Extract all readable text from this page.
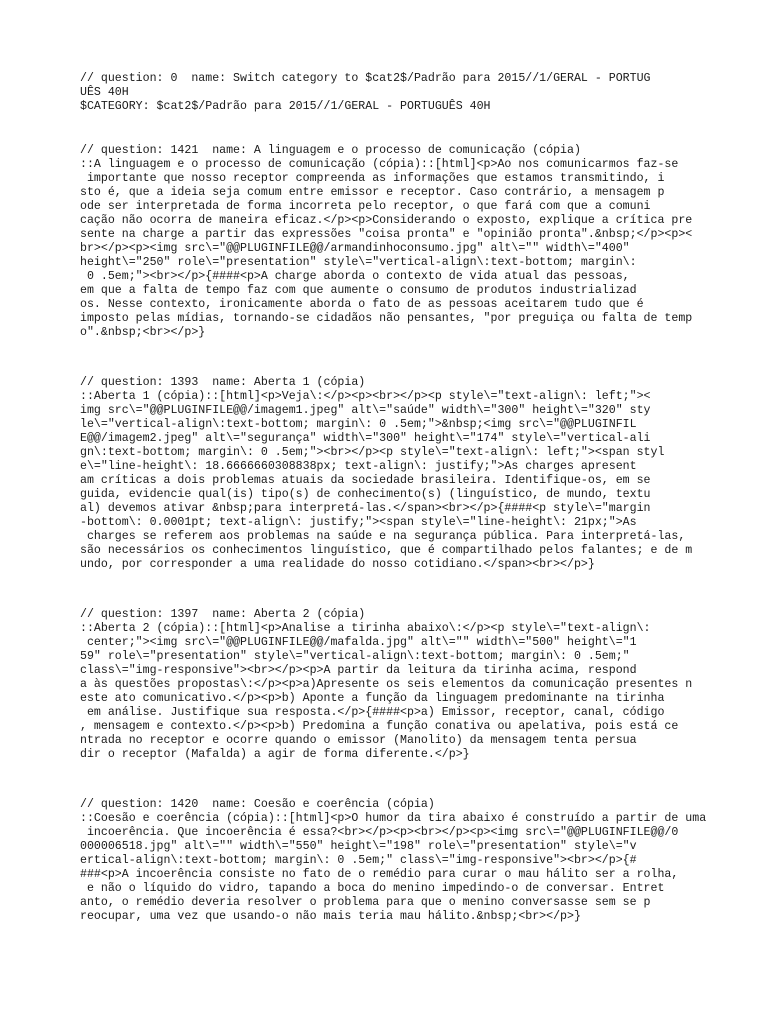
// question: 0  name: Switch category to $cat2$/Padrão para 2015//1/GERAL - PORTUG
UÊS 40H
$CATEGORY: $cat2$/Padrão para 2015//1/GERAL - PORTUGUÊS 40H
// question: 1421  name: A linguagem e o processo de comunicação (cópia)
::A linguagem e o processo de comunicação (cópia)::[html]<p>Ao nos comunicarmos faz-se
importante que nosso receptor compreenda as informações que estamos transmitindo, i
sto é, que a ideia seja comum entre emissor e receptor. Caso contrário, a mensagem p
ode ser interpretada de forma incorreta pelo receptor, o que fará com que a comuni
cação não ocorra de maneira eficaz.</p><p>Considerando o exposto, explique a crítica pre
sente na charge a partir das expressões "coisa pronta" e "opinião pronta".&nbsp;</p><p><
br></p><p><img src\="@@PLUGINFILE@@/armandinhoconsumo.jpg" alt\="" width\="400"
height\="250" role\="presentation" style\="vertical-align\:text-bottom; margin\:
0 .5em;"><br></p>{####<p>A charge aborda o contexto de vida atual das pessoas,
em que a falta de tempo faz com que aumente o consumo de produtos industrializad
os. Nesse contexto, ironicamente aborda o fato de as pessoas aceitarem tudo que é
imposto pelas mídias, tornando-se cidadãos não pensantes, "por preguiça ou falta de temp
o".&nbsp;<br></p>}
// question: 1393  name: Aberta 1 (cópia)
::Aberta 1 (cópia)::[html]<p>Veja\:</p><p><br></p><p style\="text-align\: left;"><
img src\="@@PLUGINFILE@@/imagem1.jpeg" alt\="saúde" width\="300" height\="320" sty
le\="vertical-align\:text-bottom; margin\: 0 .5em;">&nbsp;<img src\="@@PLUGINFIL
E@@/imagem2.jpeg" alt\="segurança" width\="300" height\="174" style\="vertical-ali
gn\:text-bottom; margin\: 0 .5em;"><br></p><p style\="text-align\: left;"><span styl
e\="line-height\: 18.6666660308838px; text-align\: justify;">As charges apresent
am críticas a dois problemas atuais da sociedade brasileira. Identifique-os, em se
guida, evidencie qual(is) tipo(s) de conhecimento(s) (linguístico, de mundo, textu
al) devemos ativar &nbsp;para interpretá-las.</span><br></p>{####<p style\="margin
-bottom\: 0.0001pt; text-align\: justify;"><span style\="line-height\: 21px;">As
charges se referem aos problemas na saúde e na segurança pública. Para interpretá-las,
são necessários os conhecimentos linguístico, que é compartilhado pelos falantes; e de m
undo, por corresponder a uma realidade do nosso cotidiano.</span><br></p>}
// question: 1397  name: Aberta 2 (cópia)
::Aberta 2 (cópia)::[html]<p>Analise a tirinha abaixo\:</p><p style\="text-align\:
center;"><img src\="@@PLUGINFILE@@/mafalda.jpg" alt\="" width\="500" height\="1
59" role\="presentation" style\="vertical-align\:text-bottom; margin\: 0 .5em;"
class\="img-responsive"><br></p><p>A partir da leitura da tirinha acima, respond
a às questões propostas\:</p><p>a)Apresente os seis elementos da comunicação presentes n
este ato comunicativo.</p><p>b) Aponte a função da linguagem predominante na tirinha
em análise. Justifique sua resposta.</p>{####<p>a) Emissor, receptor, canal, código
, mensagem e contexto.</p><p>b) Predomina a função conativa ou apelativa, pois está ce
ntrada no receptor e ocorre quando o emissor (Manolito) da mensagem tenta persua
dir o receptor (Mafalda) a agir de forma diferente.</p>}
// question: 1420  name: Coesão e coerência (cópia)
::Coesão e coerência (cópia)::[html]<p>O humor da tira abaixo é construído a partir de uma
incoerência. Que incoerência é essa?<br></p><p><br></p><p><img src\="@@PLUGINFILE@@/0
000006518.jpg" alt\="" width\="550" height\="198" role\="presentation" style\="v
ertical-align\:text-bottom; margin\: 0 .5em;" class\="img-responsive"><br></p>{#
###<p>A incoerência consiste no fato de o remédio para curar o mau hálito ser a rolha,
e não o líquido do vidro, tapando a boca do menino impedindo-o de conversar. Entret
anto, o remédio deveria resolver o problema para que o menino conversasse sem se p
reocupar, uma vez que usando-o não mais teria mau hálito.&nbsp;<br></p>}
